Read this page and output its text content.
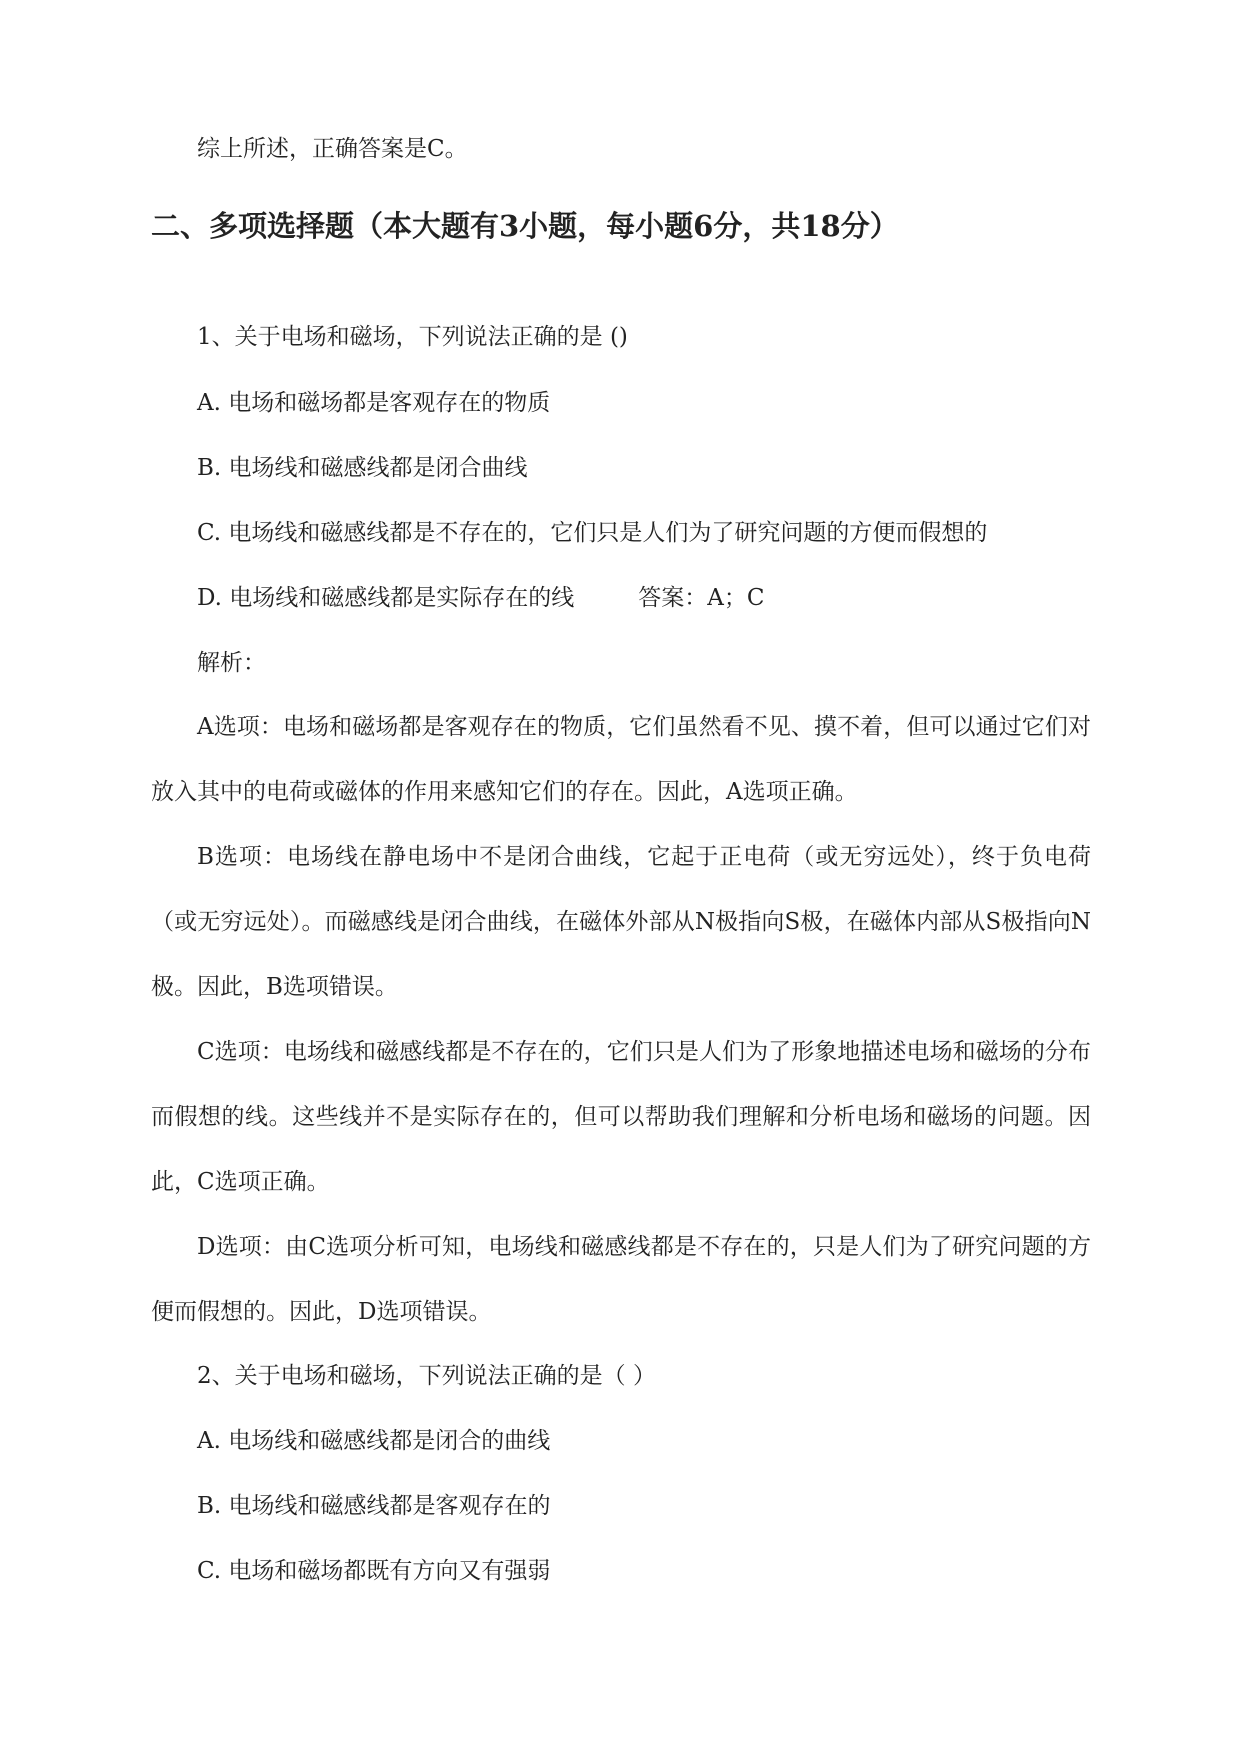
综上所述，正确答案是C。
二、多项选择题（本大题有3小题，每小题6分，共18分）
1、关于电场和磁场，下列说法正确的是 ()
A. 电场和磁场都是客观存在的物质
B. 电场线和磁感线都是闭合曲线
C. 电场线和磁感线都是不存在的，它们只是人们为了研究问题的方便而假想的
D. 电场线和磁感线都是实际存在的线	答案：A；C
解析：
A选项：电场和磁场都是客观存在的物质，它们虽然看不见、摸不着，但可以通过它们对放入其中的电荷或磁体的作用来感知它们的存在。因此，A选项正确。
B选项：电场线在静电场中不是闭合曲线，它起于正电荷（或无穷远处），终于负电荷（或无穷远处）。而磁感线是闭合曲线，在磁体外部从N极指向S极，在磁体内部从S极指向N极。因此，B选项错误。
C选项：电场线和磁感线都是不存在的，它们只是人们为了形象地描述电场和磁场的分布而假想的线。这些线并不是实际存在的，但可以帮助我们理解和分析电场和磁场的问题。因此，C选项正确。
D选项：由C选项分析可知，电场线和磁感线都是不存在的，只是人们为了研究问题的方便而假想的。因此，D选项错误。
2、关于电场和磁场，下列说法正确的是（ ）
A. 电场线和磁感线都是闭合的曲线
B. 电场线和磁感线都是客观存在的
C. 电场和磁场都既有方向又有强弱
